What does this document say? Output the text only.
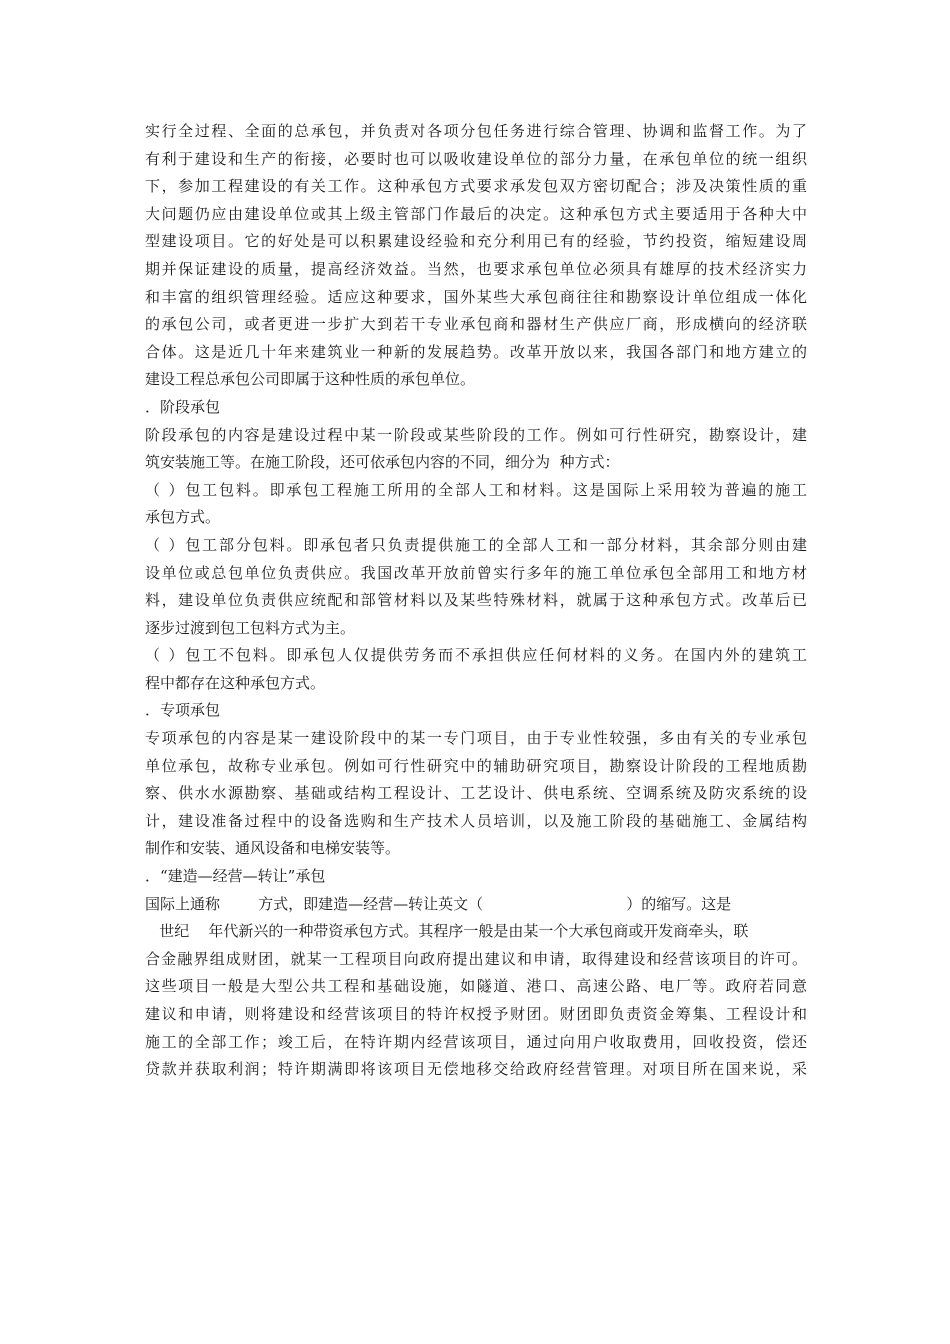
实行全过程、全面的总承包，并负责对各项分包任务进行综合管理、协调和监督工作。为了
有利于建设和生产的衔接，必要时也可以吸收建设单位的部分力量，在承包单位的统一组织
下，参加工程建设的有关工作。这种承包方式要求承发包双方密切配合；涉及决策性质的重
大问题仍应由建设单位或其上级主管部门作最后的决定。这种承包方式主要适用于各种大中
型建设项目。它的好处是可以积累建设经验和充分利用已有的经验，节约投资，缩短建设周
期并保证建设的质量，提高经济效益。当然，也要求承包单位必须具有雄厚的技术经济实力
和丰富的组织管理经验。适应这种要求，国外某些大承包商往往和勘察设计单位组成一体化
的承包公司，或者更进一步扩大到若干专业承包商和器材生产供应厂商，形成横向的经济联
合体。这是近几十年来建筑业一种新的发展趋势。改革开放以来，我国各部门和地方建立的
建设工程总承包公司即属于这种性质的承包单位。
．阶段承包
阶段承包的内容是建设过程中某一阶段或某些阶段的工作。例如可行性研究，勘察设计，建
筑安装施工等。在施工阶段，还可依承包内容的不同，细分为  种方式：
（ ）包工包料。即承包工程施工所用的全部人工和材料。这是国际上采用较为普遍的施工
承包方式。
（ ）包工部分包料。即承包者只负责提供施工的全部人工和一部分材料，其余部分则由建
设单位或总包单位负责供应。我国改革开放前曾实行多年的施工单位承包全部用工和地方材
料，建设单位负责供应统配和部管材料以及某些特殊材料，就属于这种承包方式。改革后已
逐步过渡到包工包料方式为主。
（ ）包工不包料。即承包人仅提供劳务而不承担供应任何材料的义务。在国内外的建筑工
程中都存在这种承包方式。
．专项承包
专项承包的内容是某一建设阶段中的某一专门项目，由于专业性较强，多由有关的专业承包
单位承包，故称专业承包。例如可行性研究中的辅助研究项目，勘察设计阶段的工程地质勘
察、供水水源勘察、基础或结构工程设计、工艺设计、供电系统、空调系统及防灾系统的设
计，建设准备过程中的设备选购和生产技术人员培训，以及施工阶段的基础施工、金属结构
制作和安装、通风设备和电梯安装等。
．“建造—经营—转让”承包
国际上通称        方式，即建造—经营—转让英文（                              ）的缩写。这是
世纪    年代新兴的一种带资承包方式。其程序一般是由某一个大承包商或开发商牵头，联
合金融界组成财团，就某一工程项目向政府提出建议和申请，取得建设和经营该项目的许可。
这些项目一般是大型公共工程和基础设施，如隧道、港口、高速公路、电厂等。政府若同意
建议和申请，则将建设和经营该项目的特许权授予财团。财团即负责资金筹集、工程设计和
施工的全部工作；竣工后，在特许期内经营该项目，通过向用户收取费用，回收投资，偿还
贷款并获取利润；特许期满即将该项目无偿地移交给政府经营管理。对项目所在国来说，采
